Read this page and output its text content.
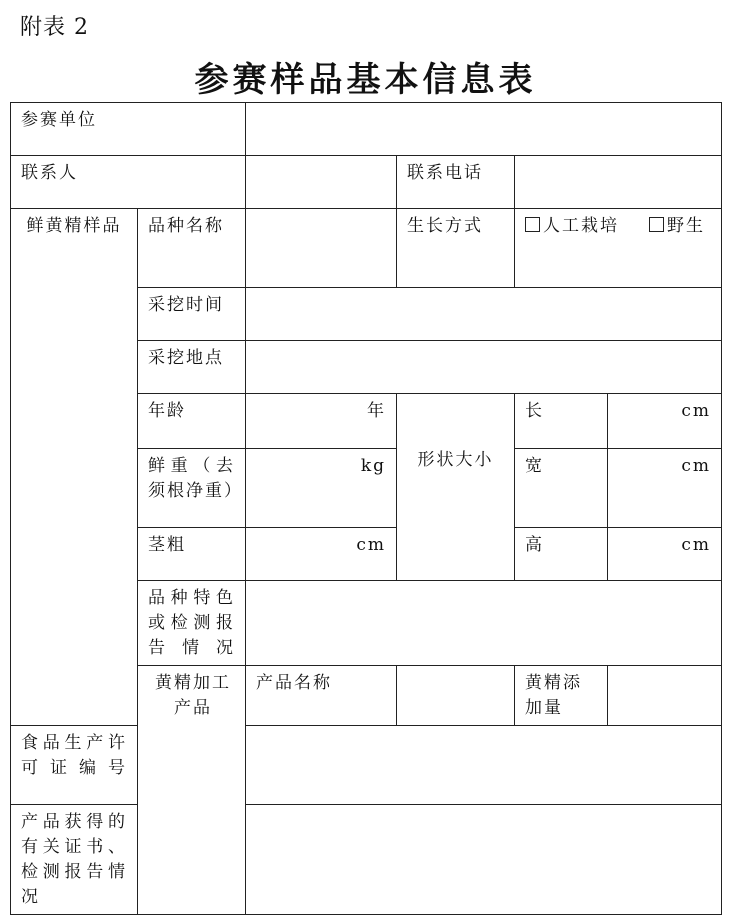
附表 2
参赛样品基本信息表
参赛单位					
联系人			联系电话		
鲜黄精样品	品种名称		生长方式	人工栽培 野生	
	采挖时间				
	采挖地点				
	年龄	年	形状大小	长	cm
	鲜重（去须根净重）	kg		宽	cm
	茎粗	cm		高	cm
	品种特色或检测报告情况				
	黄精加工产品	产品名称		黄精添加量	
食品生产许可证编号					
产品获得的有关证书、检测报告情况					
